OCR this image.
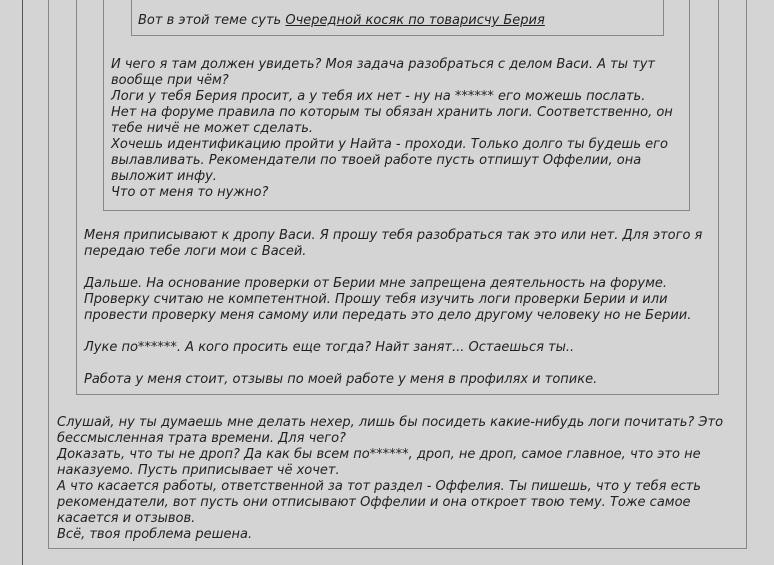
Вот в этой теме суть Очередной косяк по товарисчу Берия
И чего я там должен увидеть? Моя задача разобраться с делом Васи. А ты тут
вообще при чём?
Логи у тебя Берия просит, а у тебя их нет - ну на ****** его можешь послать.
Нет на форуме правила по которым ты обязан хранить логи. Соответственно, он
тебе ничё не может сделать.
Хочешь идентификацию пройти у Найта - проходи. Только долго ты будешь его
вылавливать. Рекомендатели по твоей работе пусть отпишут Оффелии, она
выложит инфу.
Что от меня то нужно?
Меня приписывают к дропу Васи. Я прошу тебя разобраться так это или нет. Для этого я
передаю тебе логи мои с Васей.
Дальше. На основание проверки от Берии мне запрещена деятельность на форуме.
Проверку считаю не компетентной. Прошу тебя изучить логи проверки Берии и или
провести проверку меня самому или передать это дело другому человеку но не Берии.
Луке по******. А кого просить еще тогда? Найт занят... Остаешься ты..
Работа у меня стоит, отзывы по моей работе у меня в профилях и топике.
Слушай, ну ты думаешь мне делать нехер, лишь бы посидеть какие-нибудь логи почитать? Это
бессмысленная трата времени. Для чего?
Доказать, что ты не дроп? Да как бы всем по******, дроп, не дроп, самое главное, что это не
наказуемо. Пусть приписывает чё хочет.
А что касается работы, ответственной за тот раздел - Оффелия. Ты пишешь, что у тебя есть
рекомендатели, вот пусть они отписывают Оффелии и она откроет твою тему. Тоже самое
касается и отзывов.
Всё, твоя проблема решена.
